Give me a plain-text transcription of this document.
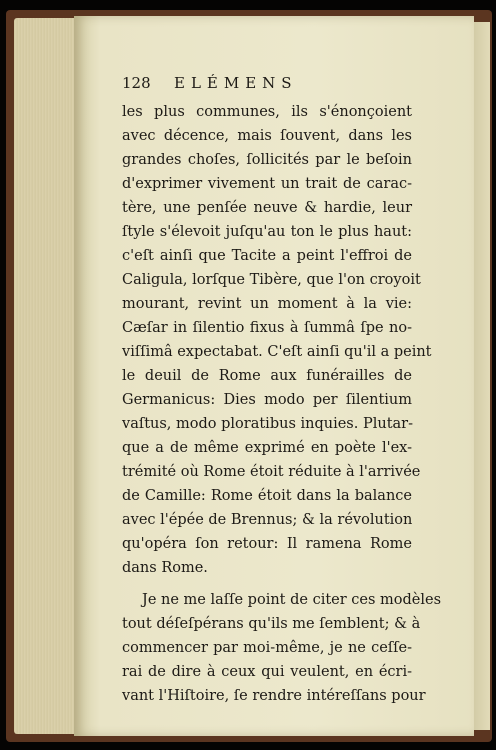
128	ELÉMENS
les plus communes, ils s'énonçoient
avec décence, mais ſouvent, dans les
grandes choſes, ſollicités par le beſoin
d'exprimer vivement un trait de carac-
tère, une penſée neuve & hardie, leur
ſtyle s'élevoit juſqu'au ton le plus haut:
c'eſt ainſi que Tacite a peint l'effroi de
Caligula, lorſque Tibère, que l'on croyoit
mourant, revint un moment à la vie:
Cæſar in ſilentio fixus à ſummâ ſpe no-
viſſimâ expectabat. C'eſt ainſi qu'il a peint
le deuil de Rome aux funérailles de
Germanicus: Dies modo per ſilentium
vaſtus, modo ploratibus inquies. Plutar-
que a de même exprimé en poète l'ex-
trémité où Rome étoit réduite à l'arrivée
de Camille: Rome étoit dans la balance
avec l'épée de Brennus; & la révolution
qu'opéra ſon retour: Il ramena Rome
dans Rome.
Je ne me laſſe point de citer ces modèles
tout déſeſpérans qu'ils me ſemblent; & à
commencer par moi-même, je ne ceſſe-
rai de dire à ceux qui veulent, en écri-
vant l'Hiſtoire, ſe rendre intéreſſans pour
